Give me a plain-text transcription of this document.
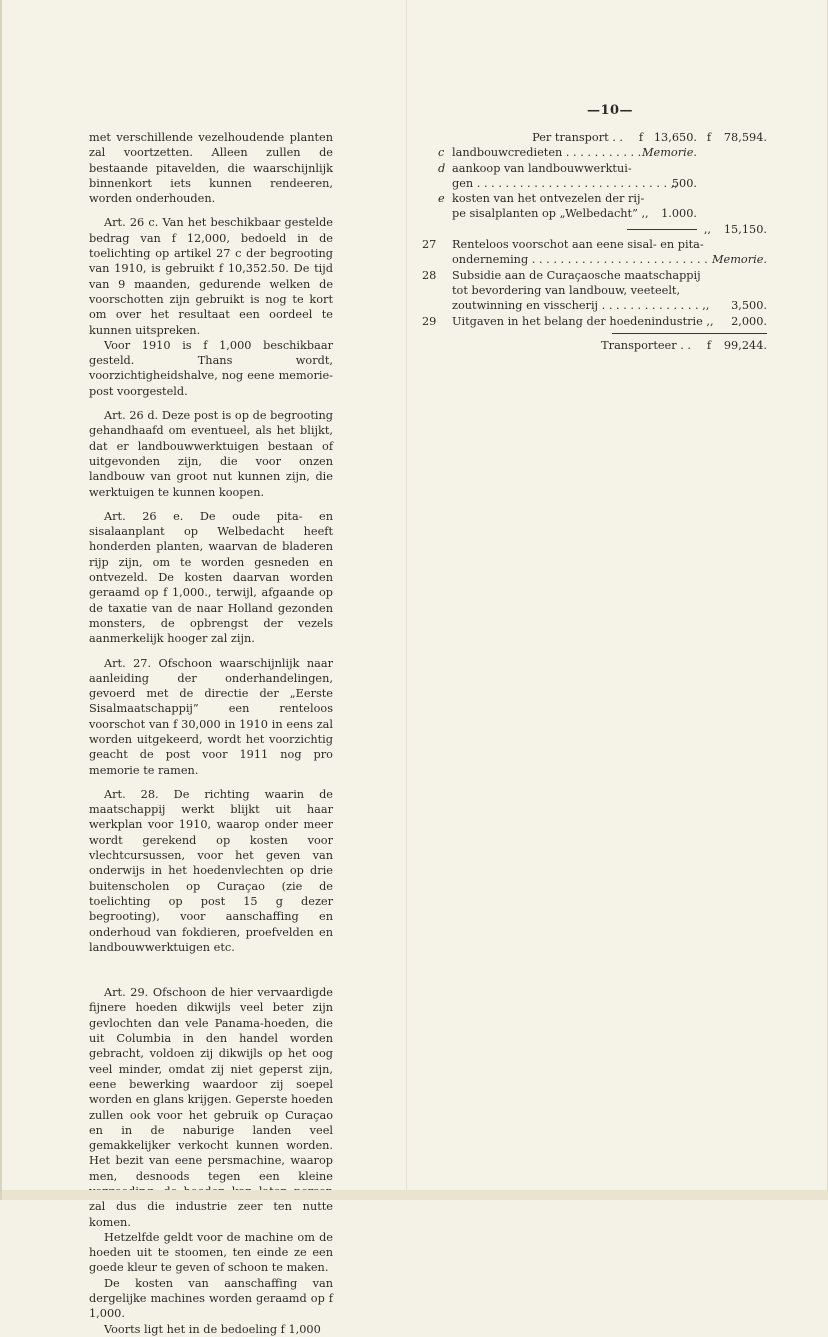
—10—

met verschillende vezelhoudende planten zal voortzetten. Alleen zullen de bestaande pitavelden, die waarschijnlijk binnenkort iets kunnen rendeeren, worden onderhouden.

Art. 26 c. Van het beschikbaar gestelde bedrag van f 12,000, bedoeld in de toelichting op artikel 27 c der begrooting van 1910, is gebruikt f 10,352.50. De tijd van 9 maanden, gedurende welken de voorschotten zijn gebruikt is nog te kort om over het resultaat een oordeel te kunnen uitspreken.

Voor 1910 is f 1,000 beschikbaar gesteld. Thans wordt, voorzichtigheidshalve, nog eene memorie-post voorgesteld.

Art. 26 d. Deze post is op de begrooting gehandhaafd om eventueel, als het blijkt, dat er landbouwwerktuigen bestaan of uitgevonden zijn, die voor onzen landbouw van groot nut kunnen zijn, die werktuigen te kunnen koopen.

Art. 26 e. De oude pita- en sisalaanplant op Welbedacht heeft honderden planten, waarvan de bladeren rijp zijn, om te worden gesneden en ontvezeld. De kosten daarvan worden geraamd op f 1,000., terwijl, afgaande op de taxatie van de naar Holland gezonden monsters, de opbrengst der vezels aanmerkelijk hooger zal zijn.

Art. 27. Ofschoon waarschijnlijk naar aanleiding der onderhandelingen, gevoerd met de directie der „Eerste Sisalmaatschappij” een renteloos voorschot van f 30,000 in 1910 in eens zal worden uitgekeerd, wordt het voorzichtig geacht de post voor 1911 nog pro memorie te ramen.

Art. 28. De richting waarin de maatschappij werkt blijkt uit haar werkplan voor 1910, waarop onder meer wordt gerekend op kosten voor vlechtcursussen, voor het geven van onderwijs in het hoedenvlechten op drie buitenscholen op Curaçao (zie de toelichting op post 15 g dezer begrooting), voor aanschaffing en onderhoud van fokdieren, proefvelden en landbouwwerktuigen etc.

Art. 29. Ofschoon de hier vervaardigde fijnere hoeden dikwijls veel beter zijn gevlochten dan vele Panama-hoeden, die uit Columbia in den handel worden gebracht, voldoen zij dikwijls op het oog veel minder, omdat zij niet geperst zijn, eene bewerking waardoor zij soepel worden en glans krijgen. Geperste hoeden zullen ook voor het gebruik op Curaçao en in de naburige landen veel gemakkelijker verkocht kunnen worden. Het bezit van eene persmachine, waarop men, desnoods tegen een kleine zal dus die industrie zeer ten nutte komen.

Hetzelfde geldt voor de machine om de hoeden uit te stoomen, ten einde ze een goede kleur te geven of schoon te maken.

De kosten van aanschaffing van dergelijke machines worden geraamd op f 1,000.

Voorts ligt het in de bedoeling f 1,000

Per transport . . f 13,650. f 78,594.
c landbouwcredieten . . . . . . . . . . . .
Memorie.
d aankoop van landbouwwerktui-
gen . . . . . . . . . . . . . . . . . . . . . . . . . . . ,,
500.
e kosten van het ontvezelen der rij-
pe sisalplanten op „Welbedacht” ,, 1.000.
,, 15,150.
27 Renteloos voorschot aan eene sisal- en pita-
onderneming . . . . . . . . . . . . . . . . . . . . . . . . . Memorie.
28 Subsidie aan de Curaçaosche maatschappij
tot bevordering van landbouw, veeteelt,
zoutwinning en visscherij . . . . . . . . . . . . . . ,, 3,500.
29 Uitgaven in het belang der hoedenindustrie ,, 2,000.
Transporteer . . f 99,244.
